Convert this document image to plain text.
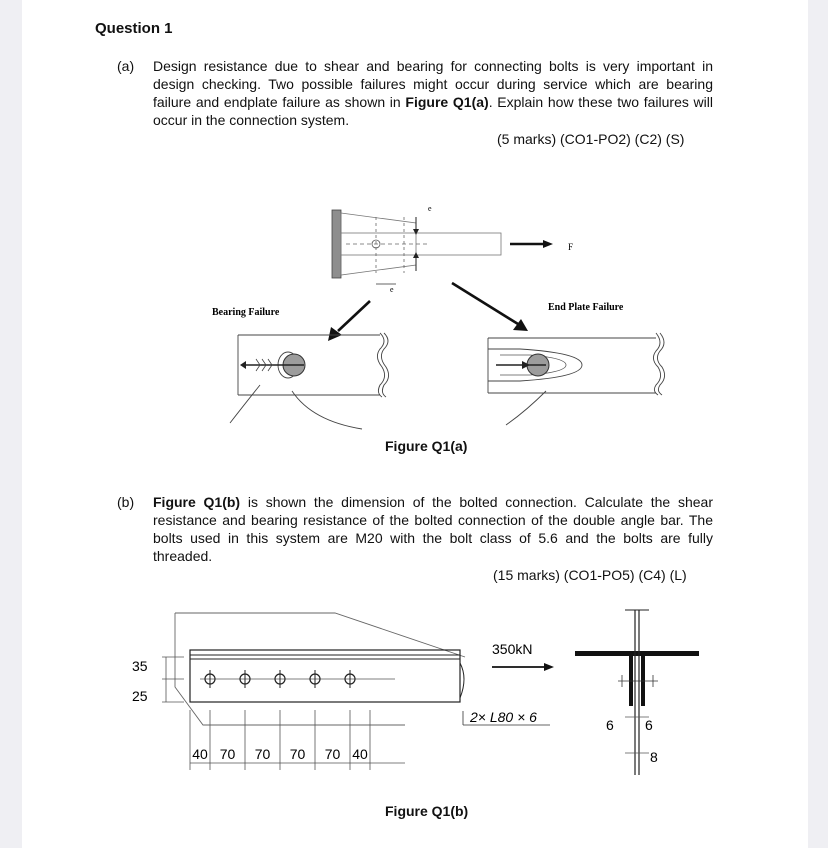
Question 1
(a) Design resistance due to shear and bearing for connecting bolts is very important in design checking. Two possible failures might occur during service which are bearing failure and endplate failure as shown in Figure Q1(a). Explain how these two failures will occur in the connection system.
(5 marks) (CO1-PO2) (C2) (S)
e
e
F
Bearing Failure	End Plate Failure
Figure Q1(a)
(b) Figure Q1(b) is shown the dimension of the bolted connection. Calculate the shear resistance and bearing resistance of the bolted connection of the double angle bar. The bolts used in this system are M20 with the bolt class of 5.6 and the bolts are fully threaded.
(15 marks) (CO1-PO5) (C4) (L)
35
25
40 70 70 70 70 40
350kN
2× L80 × 6	6 6
8
Figure Q1(b)
